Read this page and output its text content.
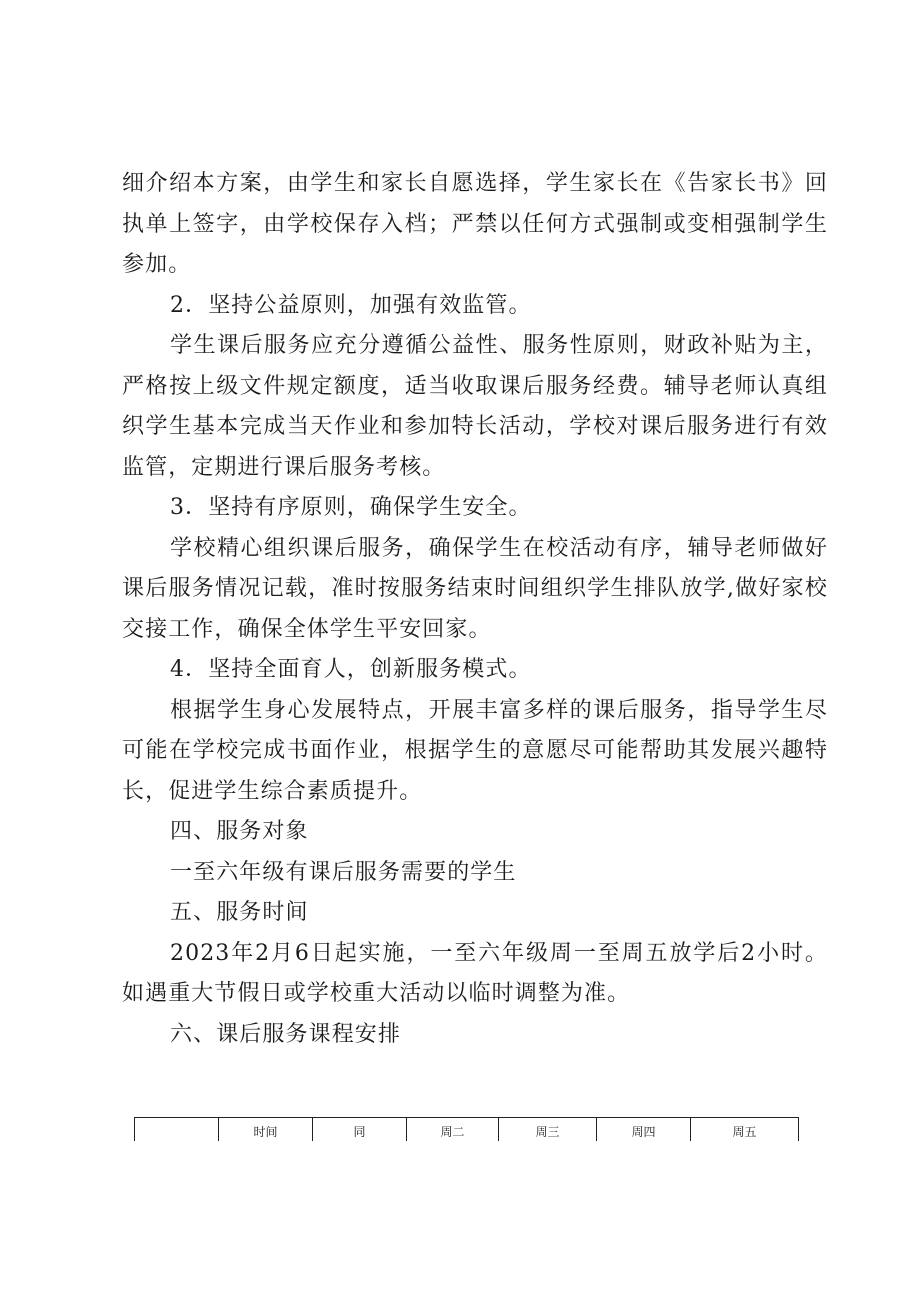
细介绍本方案，由学生和家长自愿选择，学生家长在《告家长书》回执单上签字，由学校保存入档；严禁以任何方式强制或变相强制学生参加。

2．坚持公益原则，加强有效监管。

学生课后服务应充分遵循公益性、服务性原则，财政补贴为主，严格按上级文件规定额度，适当收取课后服务经费。辅导老师认真组织学生基本完成当天作业和参加特长活动，学校对课后服务进行有效监管，定期进行课后服务考核。

3．坚持有序原则，确保学生安全。

学校精心组织课后服务，确保学生在校活动有序，辅导老师做好课后服务情况记载，准时按服务结束时间组织学生排队放学,做好家校交接工作，确保全体学生平安回家。

4．坚持全面育人，创新服务模式。

根据学生身心发展特点，开展丰富多样的课后服务，指导学生尽可能在学校完成书面作业，根据学生的意愿尽可能帮助其发展兴趣特长，促进学生综合素质提升。

四、服务对象

一至六年级有课后服务需要的学生

五、服务时间

2023年2月6日起实施，一至六年级周一至周五放学后2小时。如遇重大节假日或学校重大活动以临时调整为准。

六、课后服务课程安排

	时间	同	周二	周三	周四	周五
